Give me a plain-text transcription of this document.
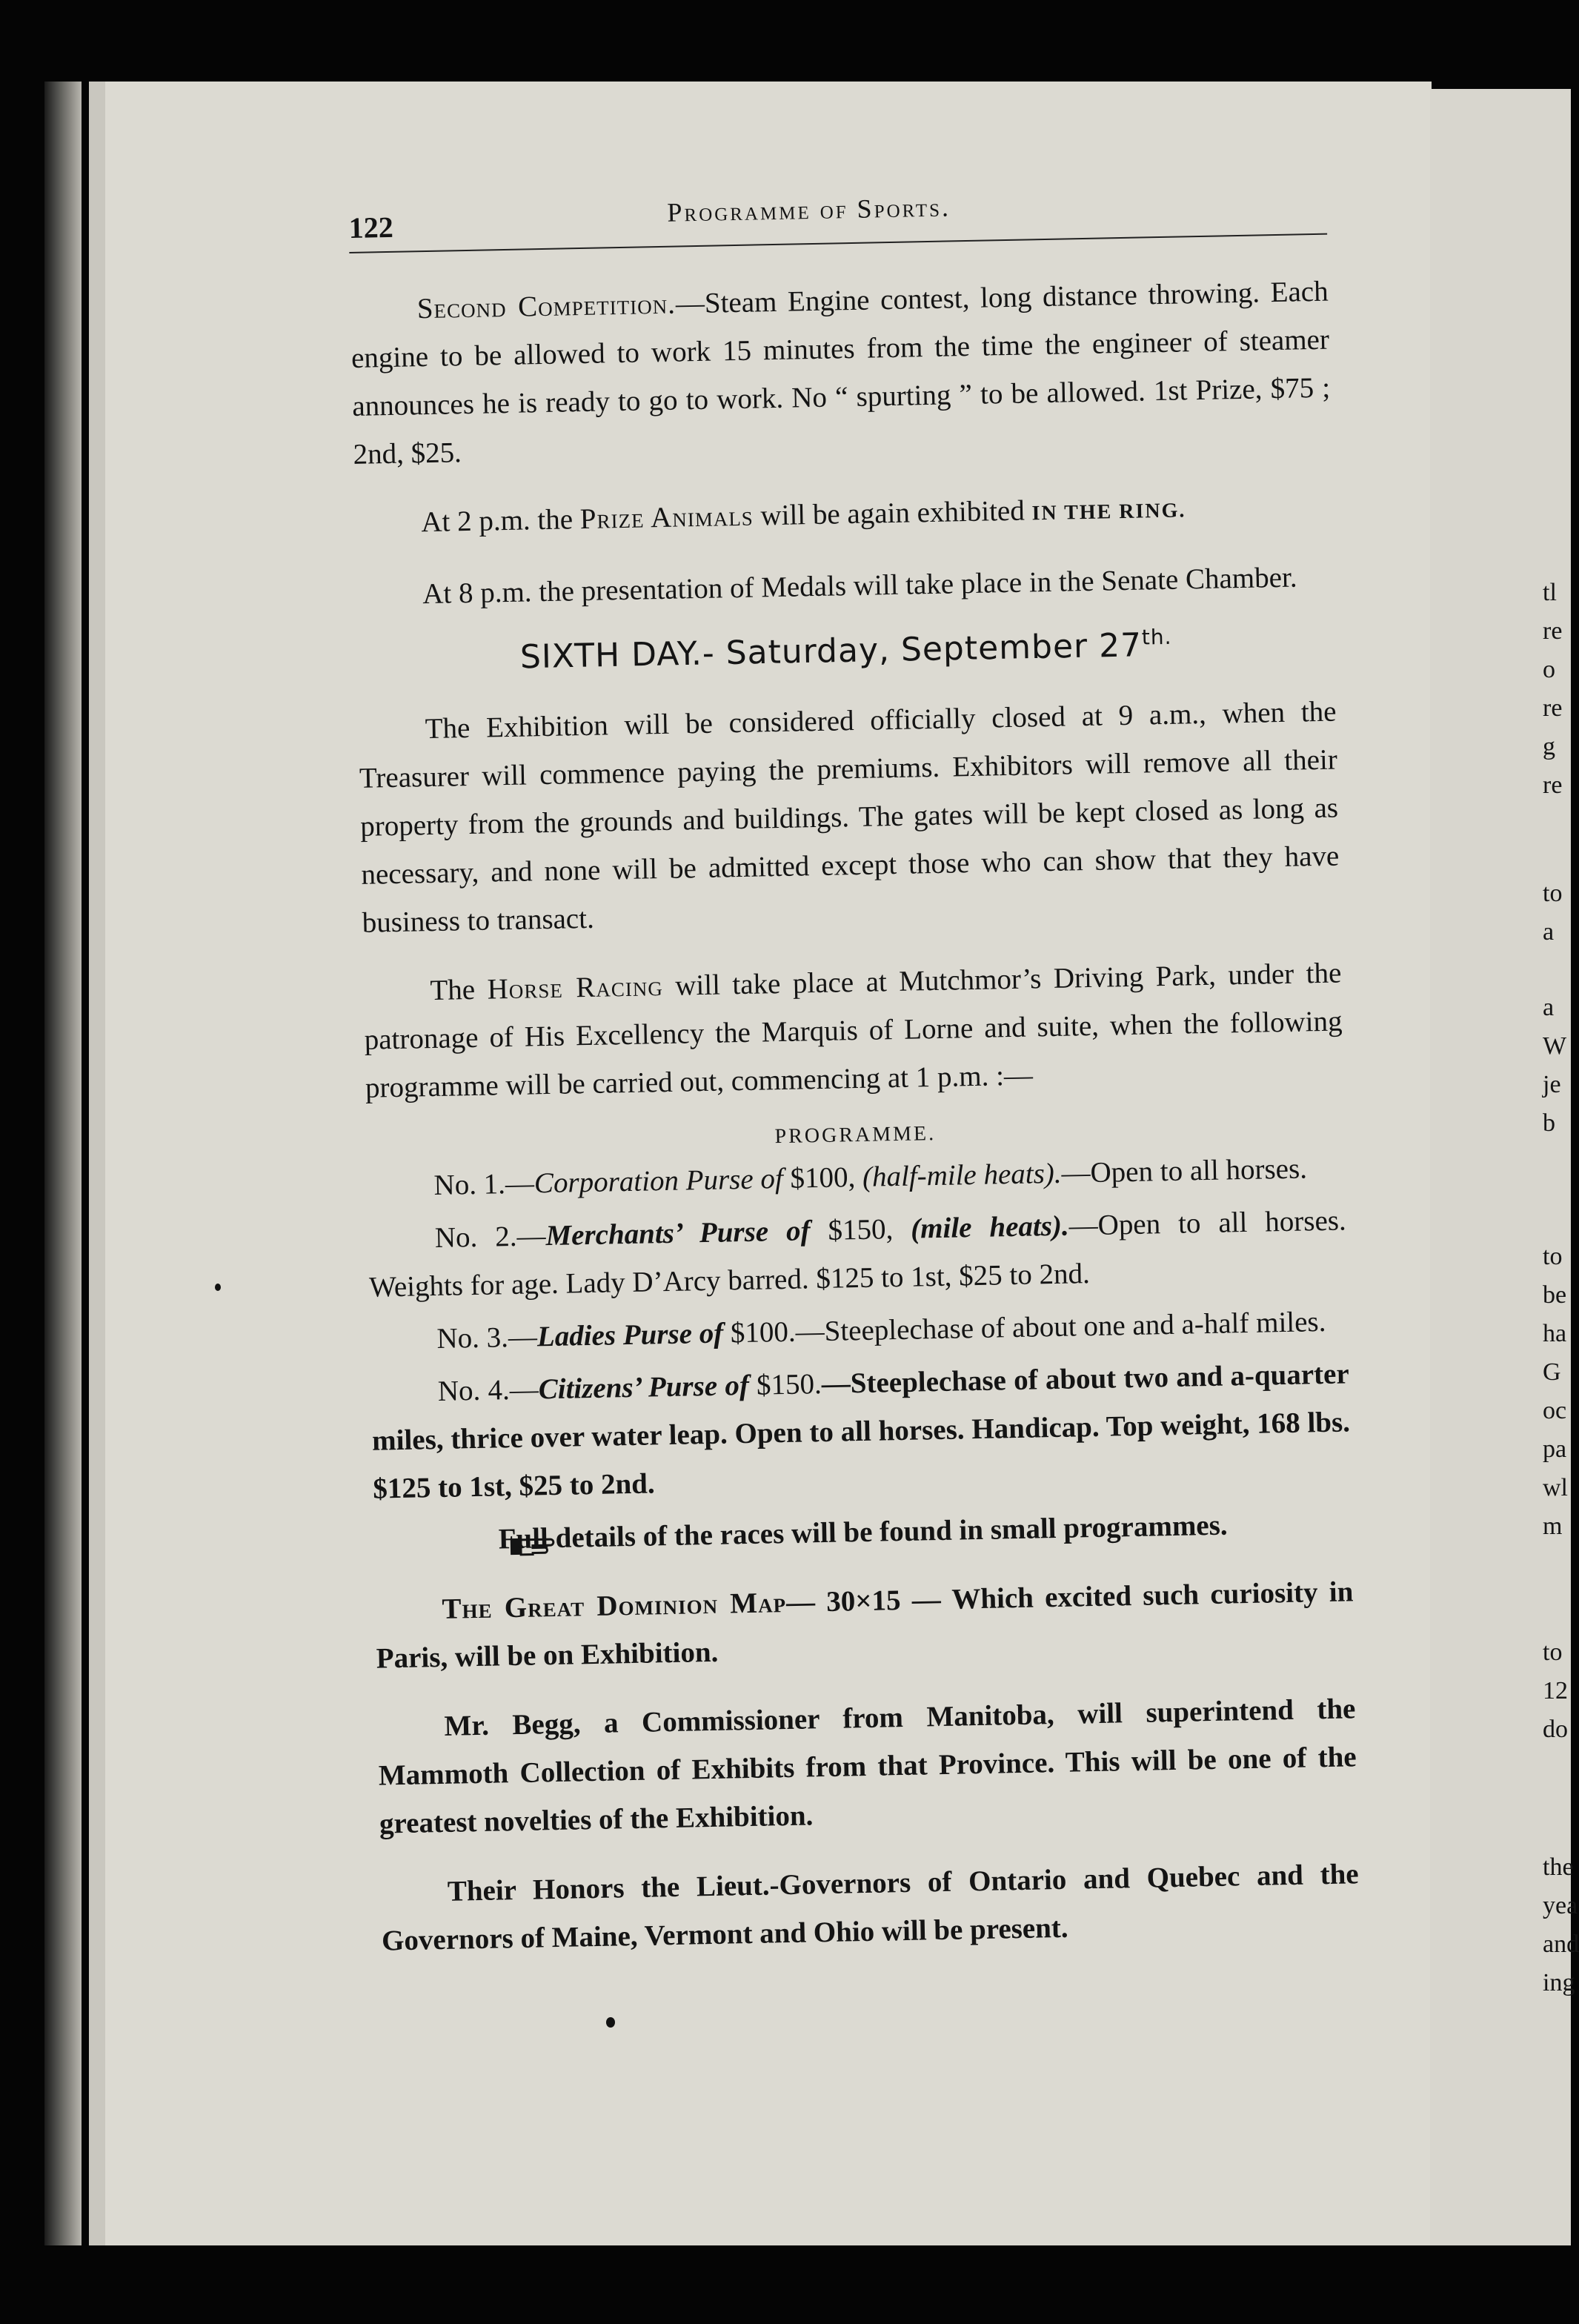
tl
re
o
re
g
re
to
a
a
W
je
b
to
be
ha
G
oc
pa
wl
m
to
12
do
the
yea
and
ing
122
Programme of Sports.

Second Competition.—Steam Engine contest, long distance throwing. Each engine to be allowed to work 15 minutes from the time the engineer of steamer announces he is ready to go to work. No “ spurting ” to be allowed. 1st Prize, $75 ; 2nd, $25.

At 2 p.m. the Prize Animals will be again exhibited IN THE RING.

At 8 p.m. the presentation of Medals will take place in the Senate Chamber.

SIXTH DAY.- Saturday, September $27^{th.}$

The Exhibition will be considered officially closed at 9 a.m., when the Treasurer will commence paying the premiums. Exhibitors will remove all their property from the grounds and buildings. The gates will be kept closed as long as necessary, and none will be admitted except those who can show that they have business to transact.

The Horse Racing will take place at Mutchmor’s Driving Park, under the patronage of His Excellency the Marquis of Lorne and suite, when the following programme will be carried out, commencing at 1 p.m. :—

PROGRAMME.

No. 1.—Corporation Purse of $100, (half-mile heats).—Open to all horses.

No. 2.—Merchants’ Purse of $150, (mile heats).—Open to all horses. Weights for age. Lady D’Arcy barred. $125 to 1st, $25 to 2nd.

No. 3.—Ladies Purse of $100.—Steeplechase of about one and a-half miles.

No. 4.—Citizens’ Purse of $150.—Steeplechase of about two and a-quarter miles, thrice over water leap. Open to all horses. Handicap. Top weight, 168 lbs. $125 to 1st, $25 to 2nd.

Full details of the races will be found in small programmes.

The Great Dominion Map— 30×15 — Which excited such curiosity in Paris, will be on Exhibition.

Mr. Begg, a Commissioner from Manitoba, will superintend the Mammoth Collection of Exhibits from that Province. This will be one of the greatest novelties of the Exhibition.

Their Honors the Lieut.-Governors of Ontario and Quebec and the Governors of Maine, Vermont and Ohio will be present.
